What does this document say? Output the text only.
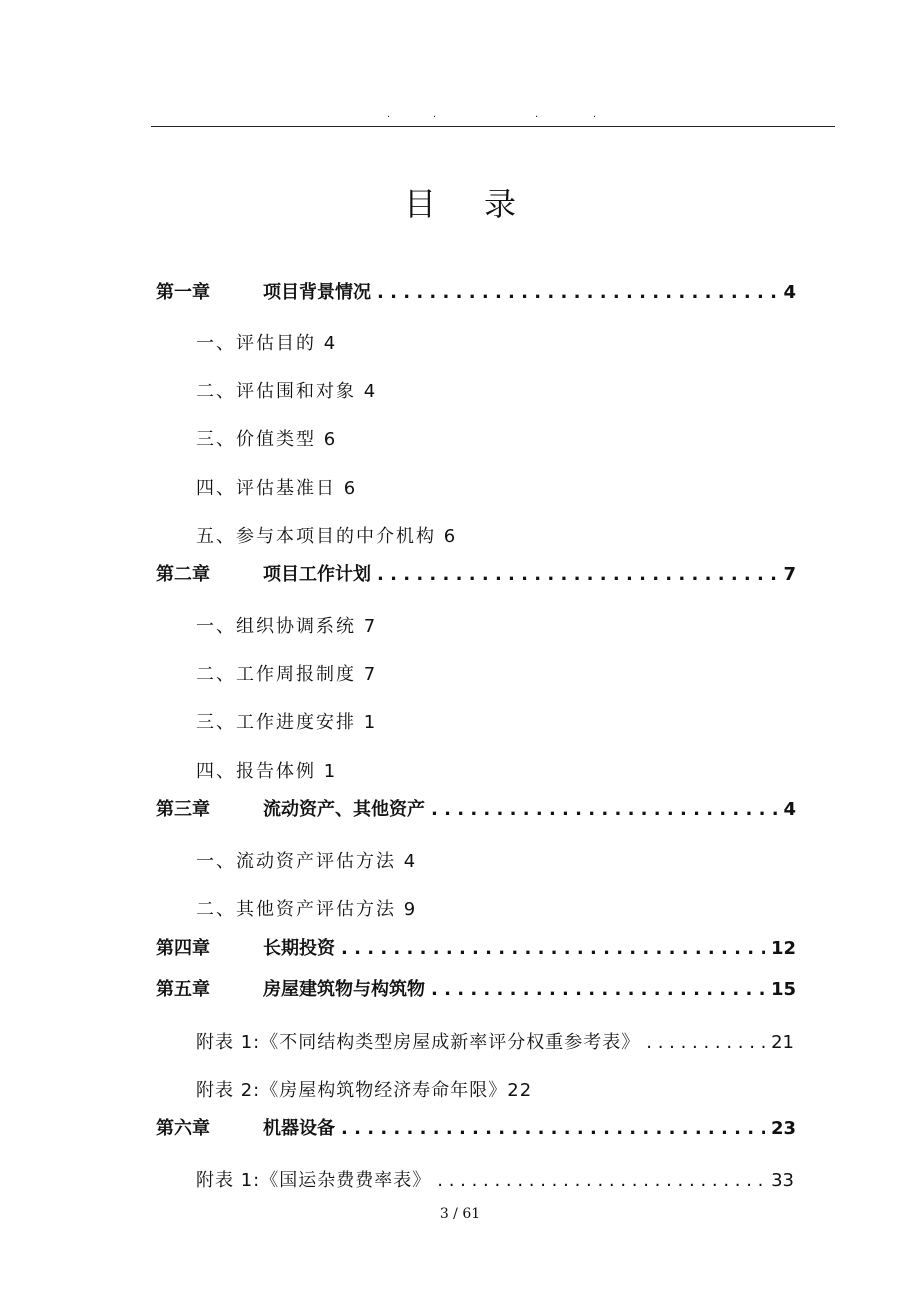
.	.	.	.
目录
第一章	项目背景情况 . . .	4
一、评估目的 4
二、评估围和对象 4
三、价值类型 6
四、评估基准日 6
五、参与本项目的中介机构 6
第二章	项目工作计划 . . .	7
一、组织协调系统 7
二、工作周报制度 7
三、工作进度安排 1
四、报告体例 1
第三章	流动资产、其他资产 . . .	4
一、流动资产评估方法 4
二、其他资产评估方法 9
第四章	长期投资 . . .	12
第五章	房屋建筑物与构筑物 . . .	15
附表 1:《不同结构类型房屋成新率评分权重参考表》 . . .	21
附表 2:《房屋构筑物经济寿命年限》22
第六章	机器设备 . . .	23
附表 1:《国运杂费费率表》 . . .	33
3 / 61
